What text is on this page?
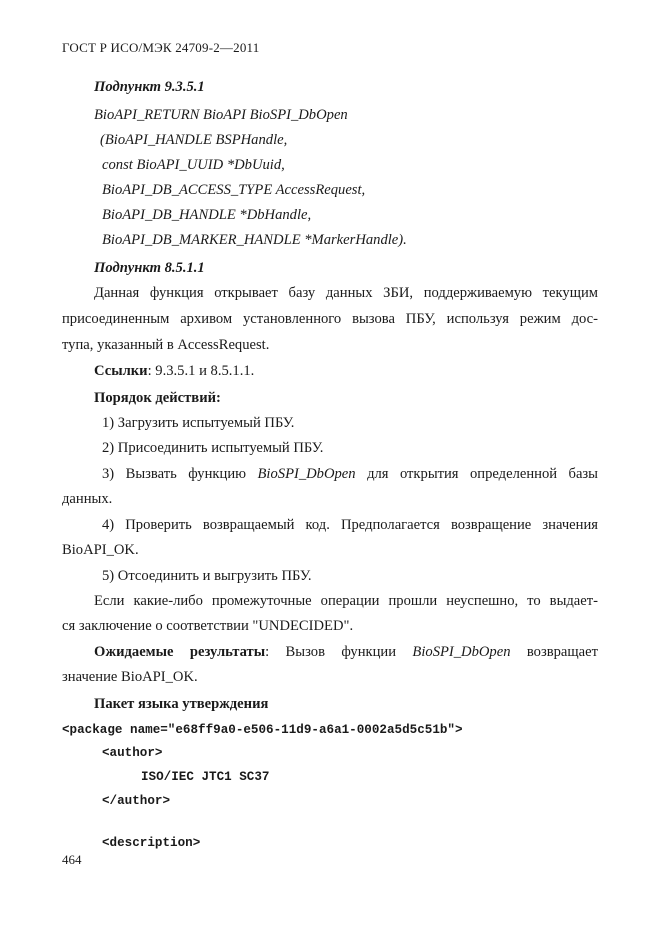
ГОСТ Р ИСО/МЭК 24709-2—2011
Подпункт 9.3.5.1
BioAPI_RETURN BioAPI BioSPI_DbOpen
(BioAPI_HANDLE BSPHandle,
const BioAPI_UUID *DbUuid,
BioAPI_DB_ACCESS_TYPE AccessRequest,
BioAPI_DB_HANDLE *DbHandle,
BioAPI_DB_MARKER_HANDLE *MarkerHandle).
Подпункт 8.5.1.1
Данная функция открывает базу данных ЗБИ, поддерживаемую текущим
присоединенным архивом установленного вызова ПБУ, используя режим дос-
тупа, указанный в AccessRequest.
Ссылки: 9.3.5.1 и 8.5.1.1.
Порядок действий:
1) Загрузить испытуемый ПБУ.
2) Присоединить испытуемый ПБУ.
3) Вызвать функцию BioSPI_DbOpen для открытия определенной базы
данных.
4) Проверить возвращаемый код. Предполагается возвращение значения
BioAPI_OK.
5) Отсоединить и выгрузить ПБУ.
Если какие-либо промежуточные операции прошли неуспешно, то выдает-
ся заключение о соответствии "UNDECIDED".
Ожидаемые результаты: Вызов функции BioSPI_DbOpen возвращает
значение BioAPI_OK.
Пакет языка утверждения
<package name="e68ff9a0-e506-11d9-a6a1-0002a5d5c51b">
<author>
ISO/IEC JTC1 SC37
</author>
<description>
464
